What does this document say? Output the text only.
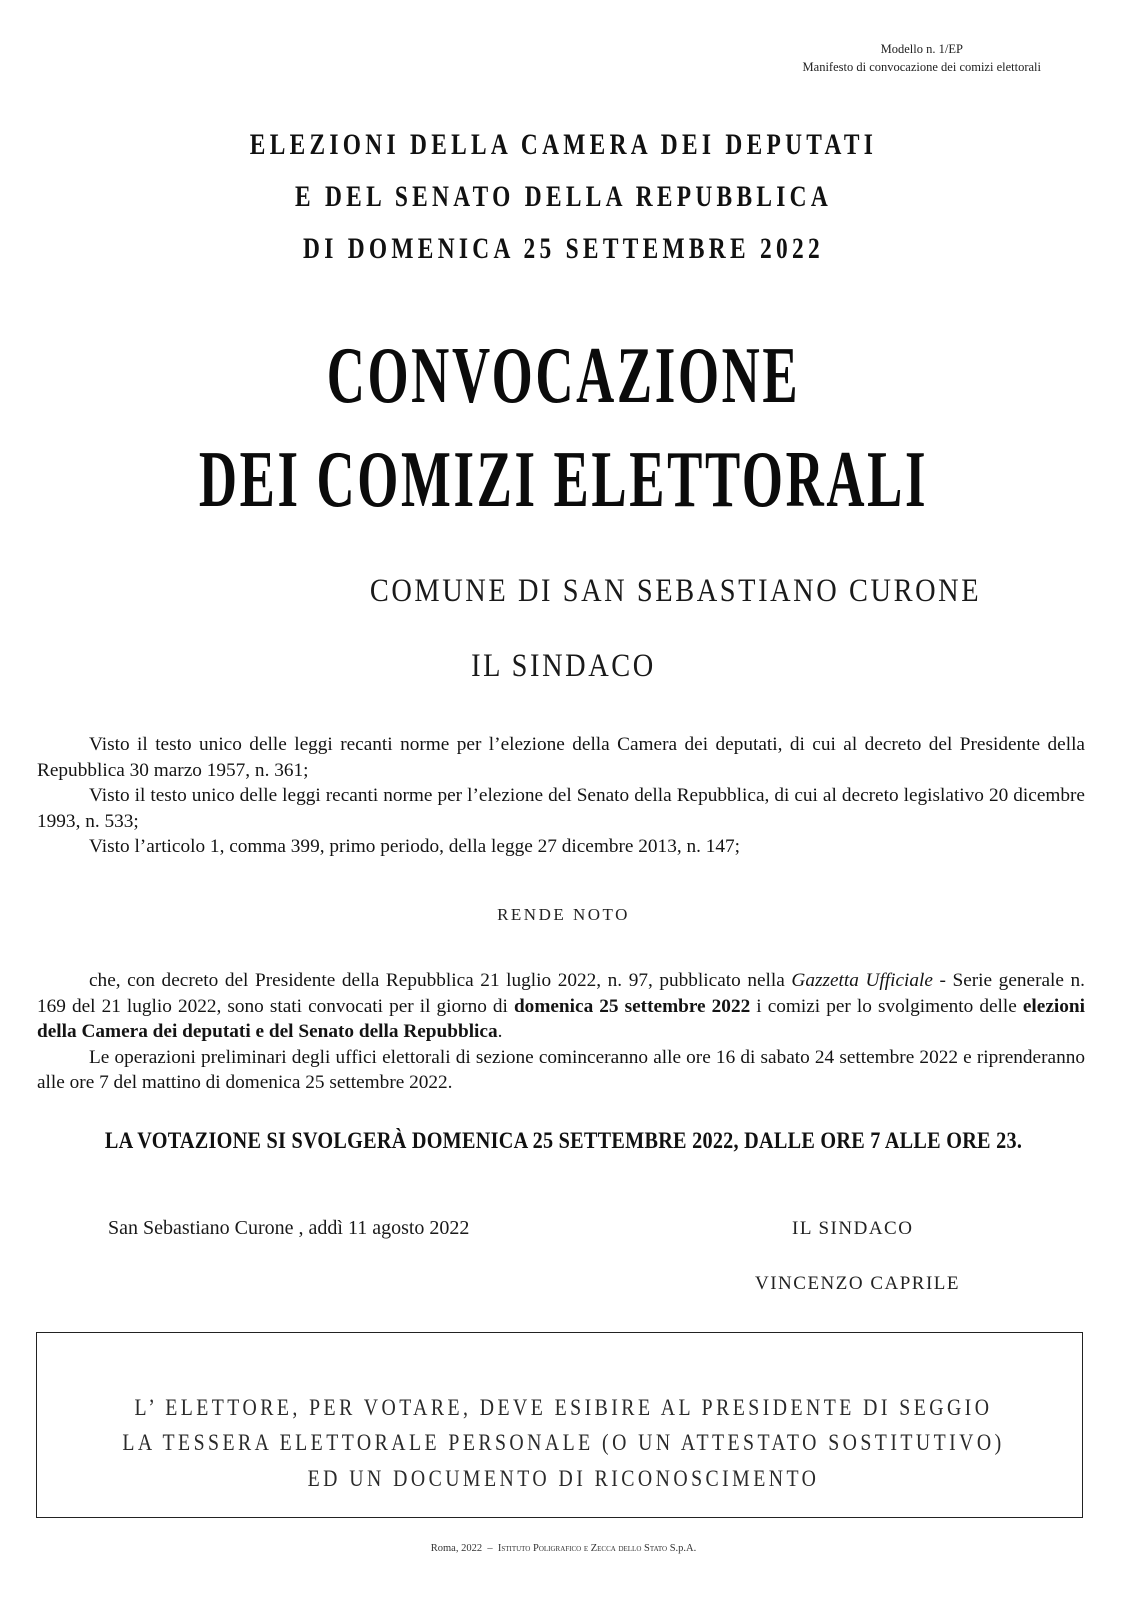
Modello n. 1/EP
Manifesto di convocazione dei comizi elettorali
ELEZIONI DELLA CAMERA DEI DEPUTATI
E DEL SENATO DELLA REPUBBLICA
DI DOMENICA 25 SETTEMBRE 2022
CONVOCAZIONE
DEI COMIZI ELETTORALI
COMUNE DI SAN SEBASTIANO CURONE
IL SINDACO

Visto il testo unico delle leggi recanti norme per l’elezione della Camera dei deputati, di cui al decreto del Presidente della Repubblica 30 marzo 1957, n. 361;

Visto il testo unico delle leggi recanti norme per l’elezione del Senato della Repubblica, di cui al decreto legislativo 20 dicembre 1993, n. 533;

Visto l’articolo 1, comma 399, primo periodo, della legge 27 dicembre 2013, n. 147;

RENDE NOTO

che, con decreto del Presidente della Repubblica 21 luglio 2022, n. 97, pubblicato nella Gazzetta Ufficiale - Serie generale n. 169 del 21 luglio 2022, sono stati convocati per il giorno di domenica 25 settembre 2022 i comizi per lo svolgimento delle elezioni della Camera dei deputati e del Senato della Repubblica.

Le operazioni preliminari degli uffici elettorali di sezione cominceranno alle ore 16 di sabato 24 settembre 2022 e riprenderanno alle ore 7 del mattino di domenica 25 settembre 2022.

LA VOTAZIONE SI SVOLGERÀ DOMENICA 25 SETTEMBRE 2022, DALLE ORE 7 ALLE ORE 23.
San Sebastiano Curone , addì 11 agosto 2022	IL SINDACO
VINCENZO CAPRILE
L’ ELETTORE, PER VOTARE, DEVE ESIBIRE AL PRESIDENTE DI SEGGIO
LA TESSERA ELETTORALE PERSONALE (O UN ATTESTATO SOSTITUTIVO)
ED UN DOCUMENTO DI RICONOSCIMENTO
Roma, 2022 – Istituto Poligrafico e Zecca dello Stato S.p.A.
